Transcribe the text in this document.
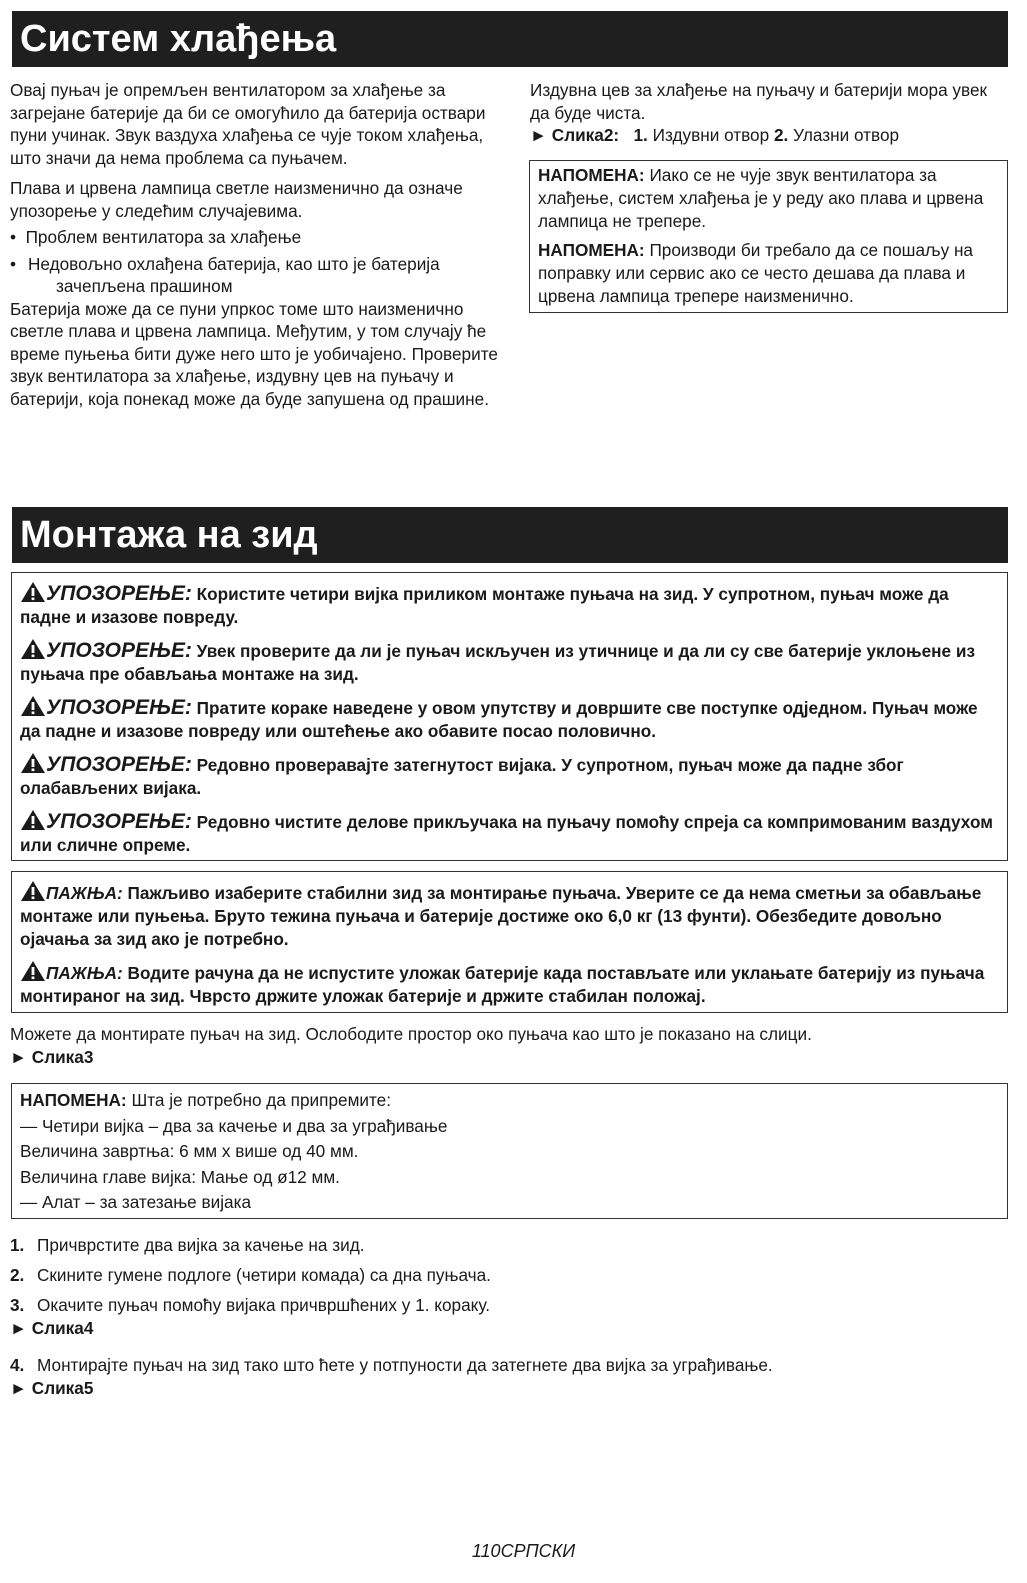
Систем хлађења

Овај пуњач је опремљен вентилатором за хлађење за загрејане батерије да би се омогућило да батерија оствари пуни учинак. Звук ваздуха хлађења се чује током хлађења, што значи да нема проблема са пуњачем.

Плава и црвена лампица светле наизменично да означе упозорење у следећим случајевима.

•  Проблем вентилатора за хлађење

• Недовољно охлађена батерија, као што је батерија зачепљена прашином

Батерија може да се пуни упркос томе што наизменично светле плава и црвена лампица. Међутим, у том случају ће време пуњења бити дуже него што је уобичајено. Проверите звук вентилатора за хлађење, издувну цев на пуњачу и батерији, која понекад може да буде запушена од прашине.

Издувна цев за хлађење на пуњачу и батерији мора увек да буде чиста.

► Слика2: 1. Издувни отвор 2. Улазни отвор

НАПОМЕНА: Иако се не чује звук вентилатора за хлађење, систем хлађења је у реду ако плава и црвена лампица не трепере.

НАПОМЕНА: Производи би требало да се пошаљу на поправку или сервис ако се често дешава да плава и црвена лампица трепере наизменично.

Монтажа на зид

УПОЗОРЕЊЕ: Користите четири вијка приликом монтаже пуњача на зид. У супротном, пуњач може да падне и изазове повреду.

УПОЗОРЕЊЕ: Увек проверите да ли је пуњач искључен из утичнице и да ли су све батерије уклоњене из пуњача пре обављања монтаже на зид.

УПОЗОРЕЊЕ: Пратите кораке наведене у овом упутству и довршите све поступке одједном. Пуњач може да падне и изазове повреду или оштећење ако обавите посао половично.

УПОЗОРЕЊЕ: Редовно проверавајте затегнутост вијака. У супротном, пуњач може да падне због олабављених вијака.

УПОЗОРЕЊЕ: Редовно чистите делове прикључака на пуњачу помоћу спреја са компримованим ваздухом или сличне опреме.

ПАЖЊА: Пажљиво изаберите стабилни зид за монтирање пуњача. Уверите се да нема сметњи за обављање монтаже или пуњења. Бруто тежина пуњача и батерије достиже око 6,0 кг (13 фунти). Обезбедите довољно ојачања за зид ако је потребно.

ПАЖЊА: Водите рачуна да не испустите уложак батерије када постављате или уклањате батерију из пуњача монтираног на зид. Чврсто држите уложак батерије и држите стабилан положај.

Можете да монтирате пуњач на зид. Ослободите простор око пуњача као што је показано на слици.
► Слика3
НАПОМЕНА: Шта је потребно да припремите:
— Четири вијка – два за качење и два за уграђивање
Величина завртња: 6 мм x више од 40 мм.
Величина главе вијка: Мање од ø12 мм.
— Алат – за затезање вијака
1. Причврстите два вијка за качење на зид.
2. Скините гумене подлоге (четири комада) са дна пуњача.
3. Окачите пуњач помоћу вијака причвршћених у 1. кораку.
► Слика4
4. Монтирајте пуњач на зид тако што ћете у потпуности да затегнете два вијка за уграђивање.
► Слика5
110СРПСКИ
